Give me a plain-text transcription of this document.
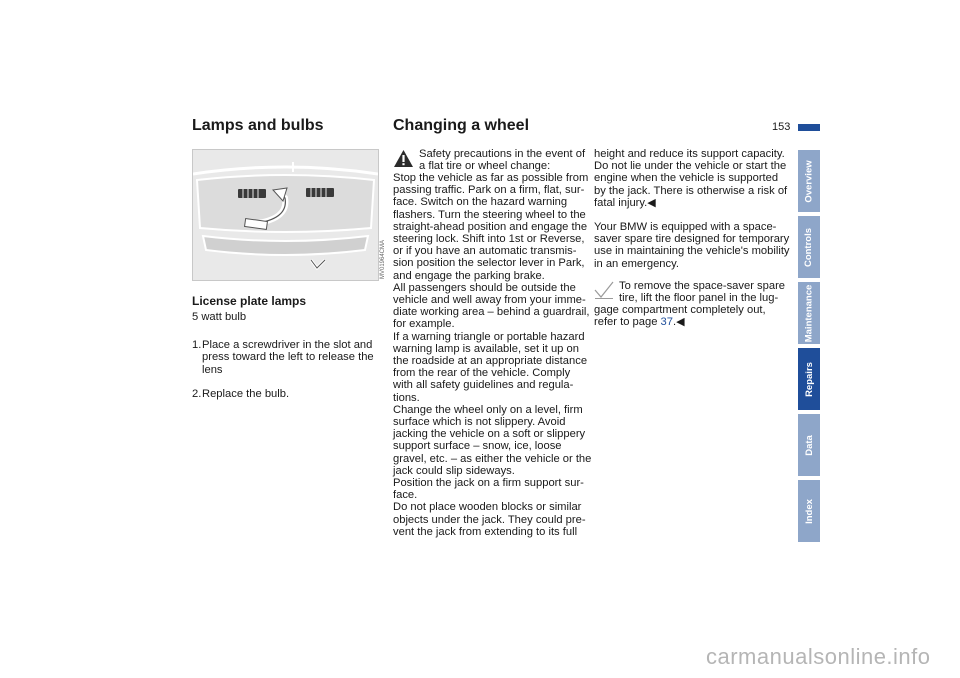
153
Lamps and bulbs
MV01964CMA
License plate lamps
5 watt bulb

1. Place a screwdriver in the slot and press toward the left to release the lens

2. Replace the bulb.

Changing a wheel
Safety precautions in the event of
a flat tire or wheel change:
Stop the vehicle as far as possible from
passing traffic. Park on a firm, flat, sur-
face. Switch on the hazard warning
flashers. Turn the steering wheel to the
straight-ahead position and engage the
steering lock. Shift into 1st or Reverse,
or if you have an automatic transmis-
sion position the selector lever in Park,
and engage the parking brake.
All passengers should be outside the
vehicle and well away from your imme-
diate working area – behind a guardrail,
for example.
If a warning triangle or portable hazard
warning lamp is available, set it up on
the roadside at an appropriate distance
from the rear of the vehicle. Comply
with all safety guidelines and regula-
tions.
Change the wheel only on a level, firm
surface which is not slippery. Avoid
jacking the vehicle on a soft or slippery
support surface – snow, ice, loose
gravel, etc. – as either the vehicle or the
jack could slip sideways.
Position the jack on a firm support sur-
face.
Do not place wooden blocks or similar
objects under the jack. They could pre-
vent the jack from extending to its full
height and reduce its support capacity.
Do not lie under the vehicle or start the
engine when the vehicle is supported
by the jack. There is otherwise a risk of
fatal injury.◀
Your BMW is equipped with a space-
saver spare tire designed for temporary
use in maintaining the vehicle's mobility
in an emergency.
To remove the space-saver spare
tire, lift the floor panel in the lug-
gage compartment completely out,
refer to page 37.◀
Overview
Controls
Maintenance
Repairs
Data
Index
carmanualsonline.info
